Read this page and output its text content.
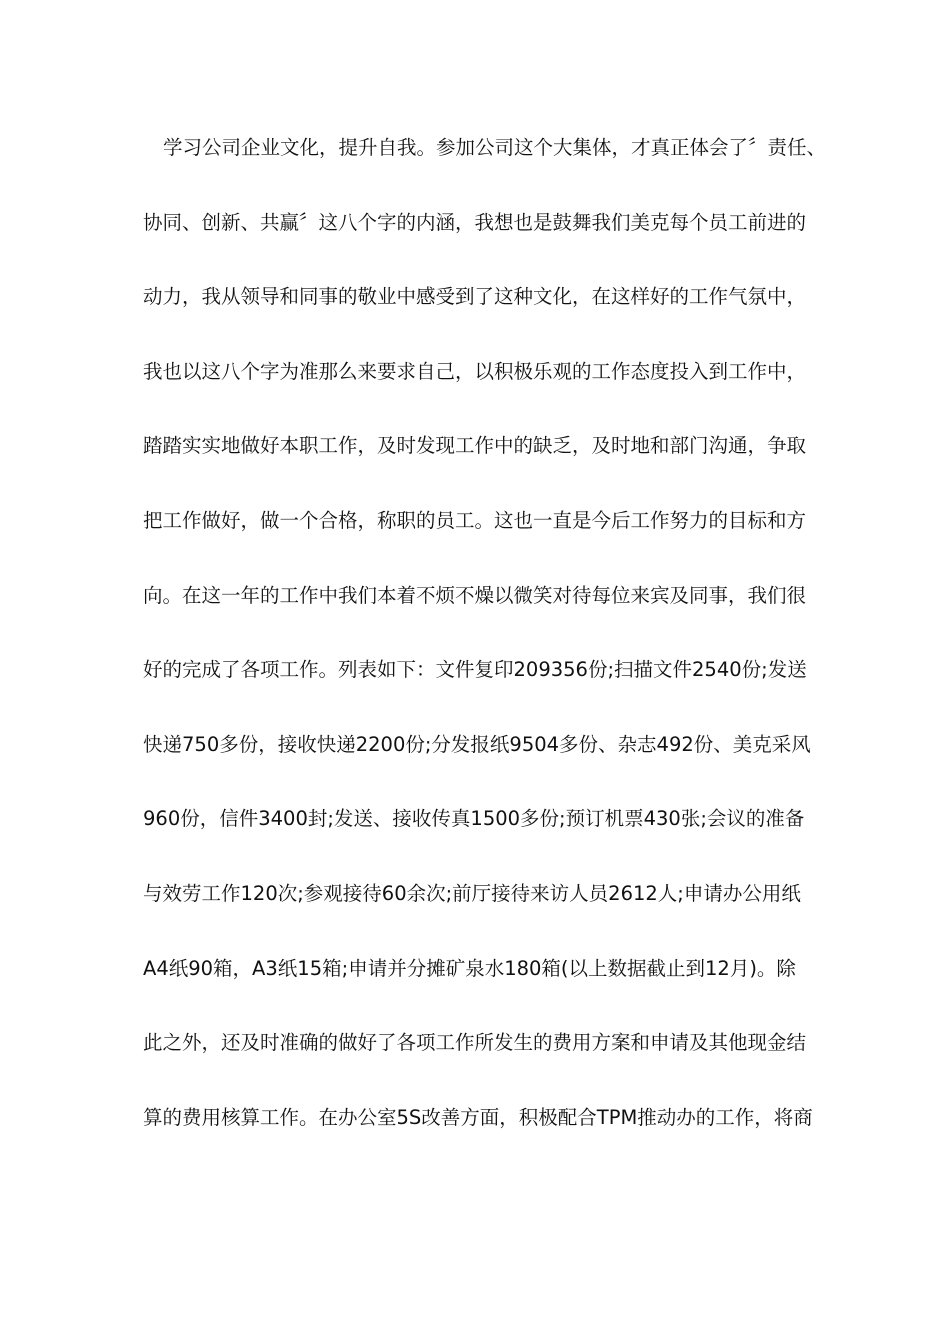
学习公司企业文化，提升自我。参加公司这个大集体，才真正体会了〞责任、
协同、创新、共赢〞这八个字的内涵，我想也是鼓舞我们美克每个员工前进的
动力，我从领导和同事的敬业中感受到了这种文化，在这样好的工作气氛中，
我也以这八个字为准那么来要求自己，以积极乐观的工作态度投入到工作中，
踏踏实实地做好本职工作，及时发现工作中的缺乏，及时地和部门沟通，争取
把工作做好，做一个合格，称职的员工。这也一直是今后工作努力的目标和方
向。在这一年的工作中我们本着不烦不燥以微笑对待每位来宾及同事，我们很
好的完成了各项工作。列表如下：文件复印209356份;扫描文件2540份;发送
快递750多份，接收快递2200份;分发报纸9504多份、杂志492份、美克采风
960份，信件3400封;发送、接收传真1500多份;预订机票430张;会议的准备
与效劳工作120次;参观接待60余次;前厅接待来访人员2612人;申请办公用纸
A4纸90箱，A3纸15箱;申请并分摊矿泉水180箱(以上数据截止到12月)。除
此之外，还及时准确的做好了各项工作所发生的费用方案和申请及其他现金结
算的费用核算工作。在办公室5S改善方面，积极配合TPM推动办的工作，将商
